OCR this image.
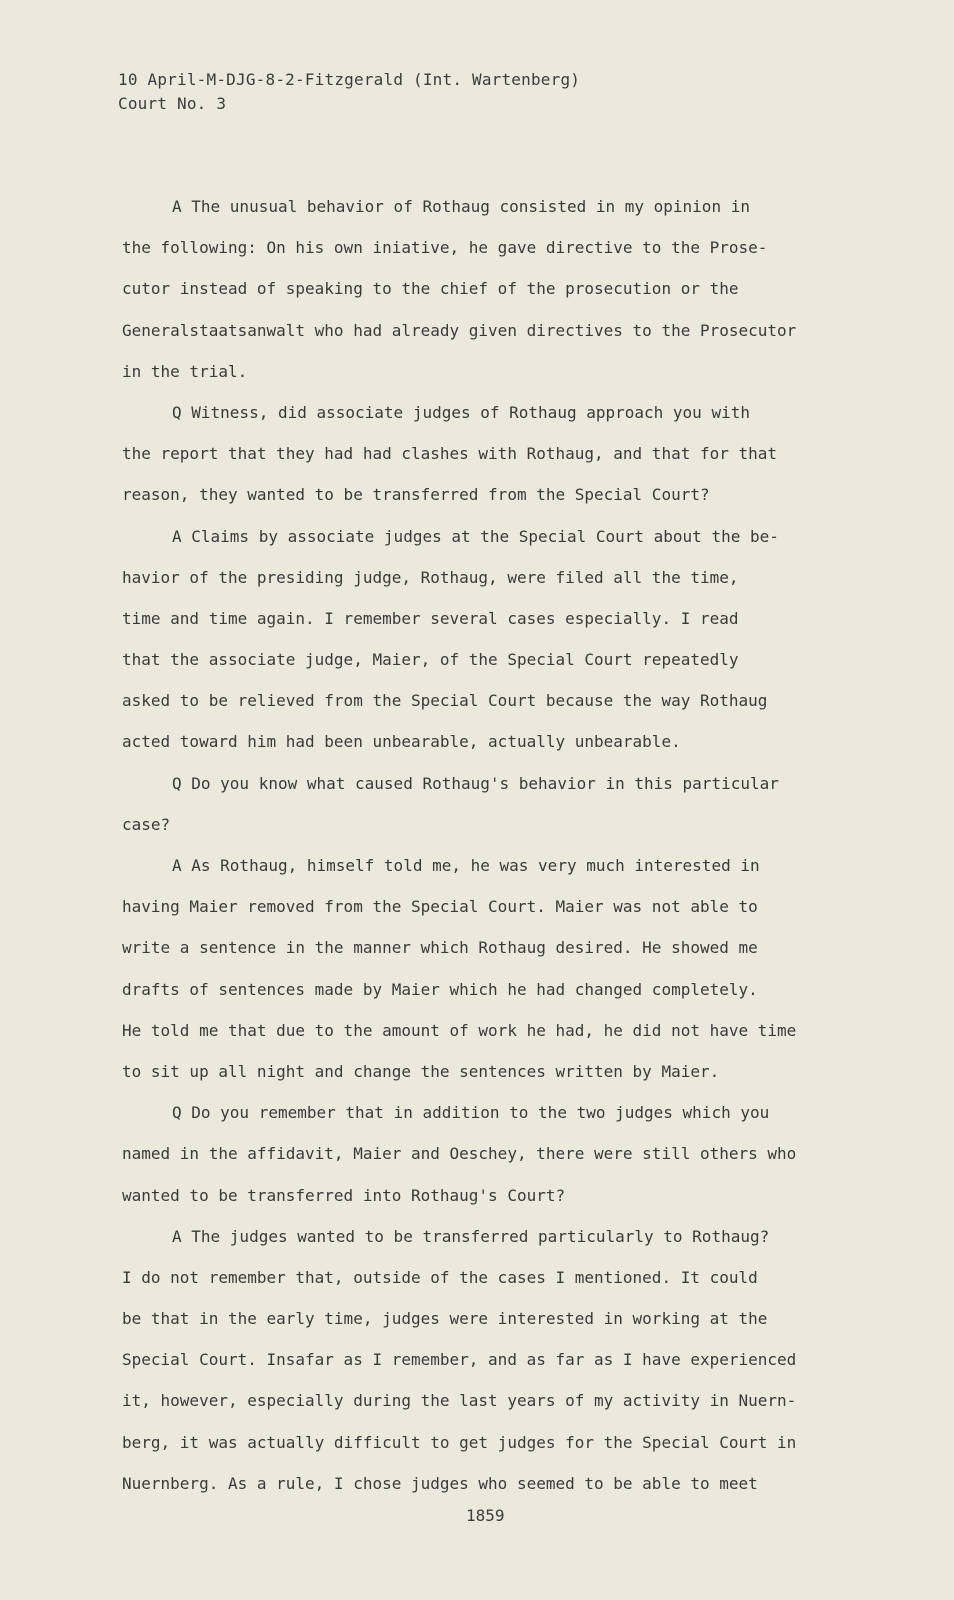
10 April-M-DJG-8-2-Fitzgerald (Int. Wartenberg)
Court No. 3
A The unusual behavior of Rothaug consisted in my opinion in
the following: On his own iniative, he gave directive to the Prose-
cutor instead of speaking to the chief of the prosecution or the
Generalstaatsanwalt who had already given directives to the Prosecutor
in the trial.
Q Witness, did associate judges of Rothaug approach you with
the report that they had had clashes with Rothaug, and that for that
reason, they wanted to be transferred from the Special Court?
A Claims by associate judges at the Special Court about the be-
havior of the presiding judge, Rothaug, were filed all the time,
time and time again. I remember several cases especially. I read
that the associate judge, Maier, of the Special Court repeatedly
asked to be relieved from the Special Court because the way Rothaug
acted toward him had been unbearable, actually unbearable.
Q Do you know what caused Rothaug's behavior in this particular
case?
A As Rothaug, himself told me, he was very much interested in
having Maier removed from the Special Court. Maier was not able to
write a sentence in the manner which Rothaug desired. He showed me
drafts of sentences made by Maier which he had changed completely.
He told me that due to the amount of work he had, he did not have time
to sit up all night and change the sentences written by Maier.
Q Do you remember that in addition to the two judges which you
named in the affidavit, Maier and Oeschey, there were still others who
wanted to be transferred into Rothaug's Court?
A The judges wanted to be transferred particularly to Rothaug?
I do not remember that, outside of the cases I mentioned. It could
be that in the early time, judges were interested in working at the
Special Court. Insafar as I remember, and as far as I have experienced
it, however, especially during the last years of my activity in Nuern-
berg, it was actually difficult to get judges for the Special Court in
Nuernberg. As a rule, I chose judges who seemed to be able to meet
1859
